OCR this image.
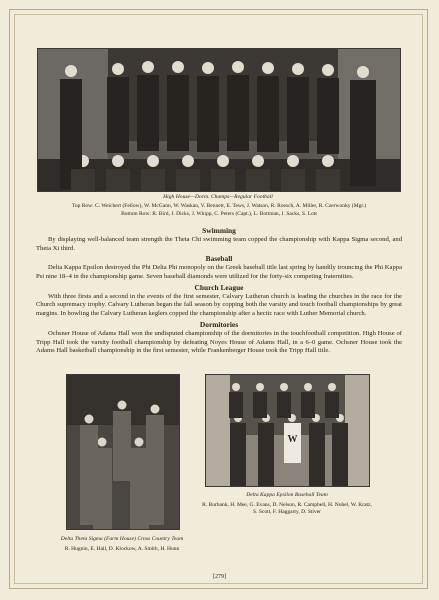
High House—Dorm. Champs—Regular Football
Top Row: C. Weichert (Fellow), W. McGann, W. Waskan, V. Bennett, E. Tews, J. Watson, R. Roesch, A. Miller, R. Czerwonky (Mgr.)
Bottom Row: R. Bird, J. Dicks, J. Whipp, C. Peters (Capt.), L. Bottman, J. Sacks, S. Lott
Swimming

By displaying well-balanced team strength the Theta Chi swimming team copped the championship with Kappa Sigma second, and Theta Xi third.

Baseball

Delta Kappa Epsilon destroyed the Phi Delta Phi monopoly on the Greek baseball title last spring by handily trouncing the Phi Kappa Psi nine 18–4 in the championship game. Seven baseball diamonds were utilized for the forty-six competing fraternities.

Church League

With three firsts and a second in the events of the first semester, Calvary Lutheran church is leading the churches in the race for the Church supremacy trophy. Calvary Lutheran began the fall season by copping both the varsity and touch football championships by great margins. In bowling the Calvary Lutheran keglers copped the championship after a hectic race with Luther Memorial church.

Dormitories

Ochsner House of Adams Hall won the undisputed championship of the dormitories in the touchfootball competition. High House of Tripp Hall took the varsity football championship by defeating Noyes House of Adams Hall, in a 6–0 game. Ochsner House took the Adams Hall basketball championship in the first semester, while Frankenberger House took the Tripp Hall title.

Delta Theta Sigma (Farm House) Cross Country Team
R. Hugnin, E. Hall, D. Klockow, A. Smith, H. Hunn
W
Delta Kappa Epsilon Baseball Team
R. Burbank, H. Mee, G. Evans, D. Nelson, R. Campbell, H. Nobel, W. Kratz, S. Scott, F. Haggarty, D. Stiver
[279]
